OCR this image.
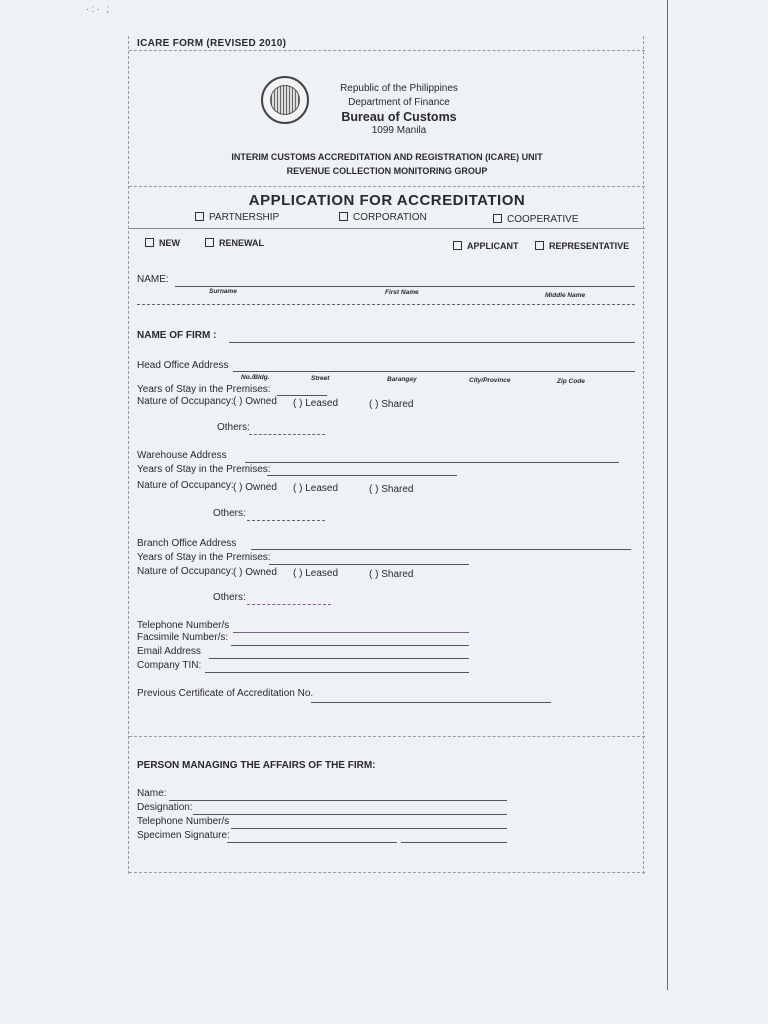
·:· ;
ICARE FORM (REVISED 2010)
Republic of the Philippines
Department of Finance
Bureau of Customs
1099 Manila
INTERIM CUSTOMS ACCREDITATION AND REGISTRATION (ICARE) UNIT
REVENUE COLLECTION MONITORING GROUP
APPLICATION FOR ACCREDITATION
PARTNERSHIP	CORPORATION	COOPERATIVE
NEW	RENEWAL	APPLICANT	REPRESENTATIVE
NAME:
Surname	First Name	Middle Name
NAME OF FIRM :
Head Office Address
No./Bldg.	Street	Barangay	City/Province	Zip Code
Years of Stay in the Premises:
Nature of Occupancy: ( ) Owned ( ) Leased	( ) Shared
Others:
Warehouse Address
Years of Stay in the Premises:
Nature of Occupancy: ( ) Owned ( ) Leased	( ) Shared
Others:
Branch Office Address
Years of Stay in the Premises:
Nature of Occupancy: ( ) Owned ( ) Leased	( ) Shared
Others:
Telephone Number/s
Facsimile Number/s:
Email Address
Company TIN:
Previous Certificate of Accreditation No.
PERSON MANAGING THE AFFAIRS OF THE FIRM:
Name:
Designation:
Telephone Number/s
Specimen Signature:
